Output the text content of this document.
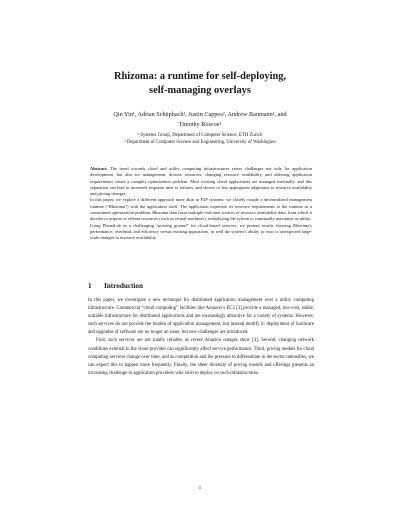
Rhizoma: a runtime for self-deploying,
self-managing overlays
Qin Yin¹, Adrian Schüpbach¹, Justin Cappos², Andrew Baumann¹, and
Timothy Roscoe¹
¹ Systems Group, Department of Computer Science, ETH Zurich
² Department of Computer Science and Engineering, University of Washington

Abstract. The trend towards cloud and utility computing infrastructures raises challenges not only for application development, but also for management: diverse resources, changing resource availability, and differing application requirements create a complex optimization problem. Most existing cloud applications are managed externally, and this separation can lead to increased response time to failures, and slower or less appropriate adaptation to resource availability and pricing changes.

In this paper, we explore a different approach more akin to P2P systems: we closely couple a decentralized management runtime (“Rhizoma”) with the application itself. The application expresses its resource requirements to the runtime as a constrained optimization problem. Rhizoma then fuses multiple real-time sources of resource availability data, from which it decides to acquire or release resources (such as virtual machines), redeploying the system to continually maximize its utility.

Using PlanetLab as a challenging “proving ground” for cloud-based services, we present results showing Rhizoma’s performance, overhead, and efficiency versus existing approaches, as well the system’s ability to react to unexpected large-scale changes in resource availability.

1 Introduction

In this paper, we investigate a new technique for distributed application management over a utility computing infrastructure. Commercial “cloud computing” facilities like Amazon’s EC2 [3] provide a managed, low-cost, stable, scalable infrastructure for distributed applications and are increasingly attractive for a variety of systems. However, such services do not provide the burden of application management, but instead modify it: deployment of hardware and upgrades of software are no longer an issue, but new challenges are introduced.

First, such services are not totally reliable, as recent Amazon outages show [4]. Second, changing network conditions external to the cloud provider can significantly affect service performance. Third, pricing models for cloud computing services change over time, and as competition and the pressure to differentiate in the sector intensifies, we can expect this to happen more frequently. Finally, the sheer diversity of pricing models and offerings presents an increasing challenge to application providers who wish to deploy on such infrastructures.

1
